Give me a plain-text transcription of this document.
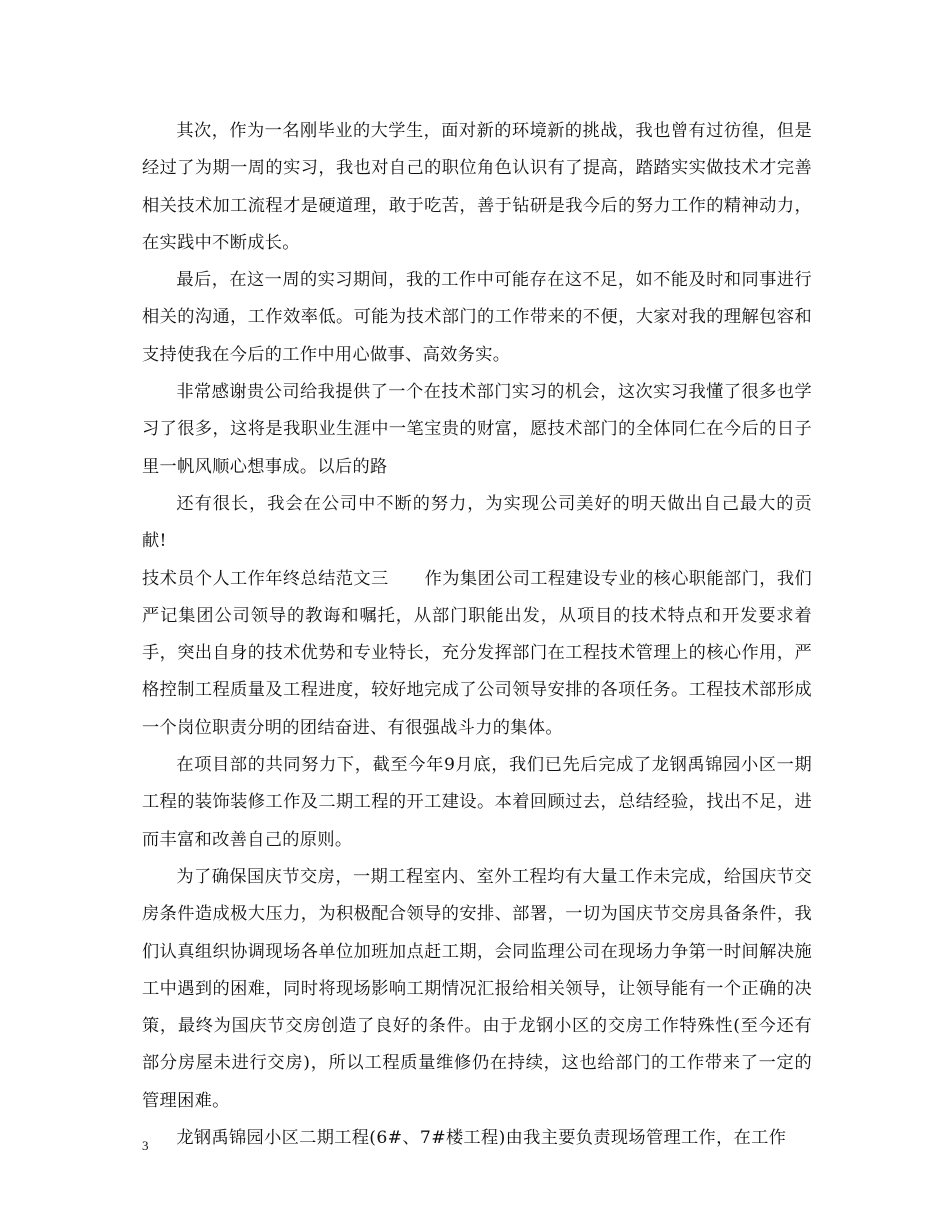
其次，作为一名刚毕业的大学生，面对新的环境新的挑战，我也曾有过彷徨，但是经过了为期一周的实习，我也对自己的职位角色认识有了提高，踏踏实实做技术才完善相关技术加工流程才是硬道理，敢于吃苦，善于钻研是我今后的努力工作的精神动力，在实践中不断成长。

最后，在这一周的实习期间，我的工作中可能存在这不足，如不能及时和同事进行相关的沟通，工作效率低。可能为技术部门的工作带来的不便，大家对我的理解包容和支持使我在今后的工作中用心做事、高效务实。

非常感谢贵公司给我提供了一个在技术部门实习的机会，这次实习我懂了很多也学习了很多，这将是我职业生涯中一笔宝贵的财富，愿技术部门的全体同仁在今后的日子里一帆风顺心想事成。以后的路

还有很长，我会在公司中不断的努力，为实现公司美好的明天做出自己最大的贡献!

技术员个人工作年终总结范文三 作为集团公司工程建设专业的核心职能部门，我们严记集团公司领导的教诲和嘱托，从部门职能出发，从项目的技术特点和开发要求着手，突出自身的技术优势和专业特长，充分发挥部门在工程技术管理上的核心作用，严格控制工程质量及工程进度，较好地完成了公司领导安排的各项任务。工程技术部形成一个岗位职责分明的团结奋进、有很强战斗力的集体。

在项目部的共同努力下，截至今年9月底，我们已先后完成了龙钢禹锦园小区一期工程的装饰装修工作及二期工程的开工建设。本着回顾过去，总结经验，找出不足，进而丰富和改善自己的原则。

为了确保国庆节交房，一期工程室内、室外工程均有大量工作未完成，给国庆节交房条件造成极大压力，为积极配合领导的安排、部署，一切为国庆节交房具备条件，我们认真组织协调现场各单位加班加点赶工期，会同监理公司在现场力争第一时间解决施工中遇到的困难，同时将现场影响工期情况汇报给相关领导，让领导能有一个正确的决策，最终为国庆节交房创造了良好的条件。由于龙钢小区的交房工作特殊性(至今还有部分房屋未进行交房)，所以工程质量维修仍在持续，这也给部门的工作带来了一定的管理困难。

龙钢禹锦园小区二期工程(6#、7#楼工程)由我主要负责现场管理工作，在工作

3
